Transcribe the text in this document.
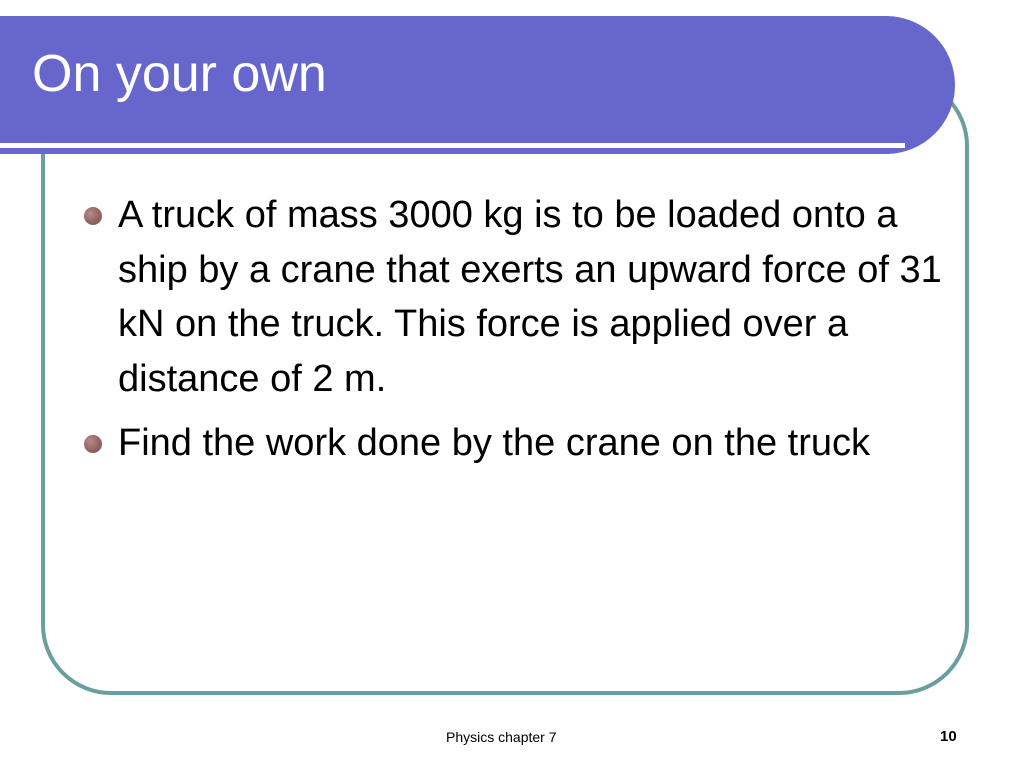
On your own
A truck of mass 3000 kg is to be loaded onto a ship by a crane that exerts an upward force of 31 kN on the truck. This force is applied over a distance of 2 m.
Find the work done by the crane on the truck
Physics chapter 7	10
